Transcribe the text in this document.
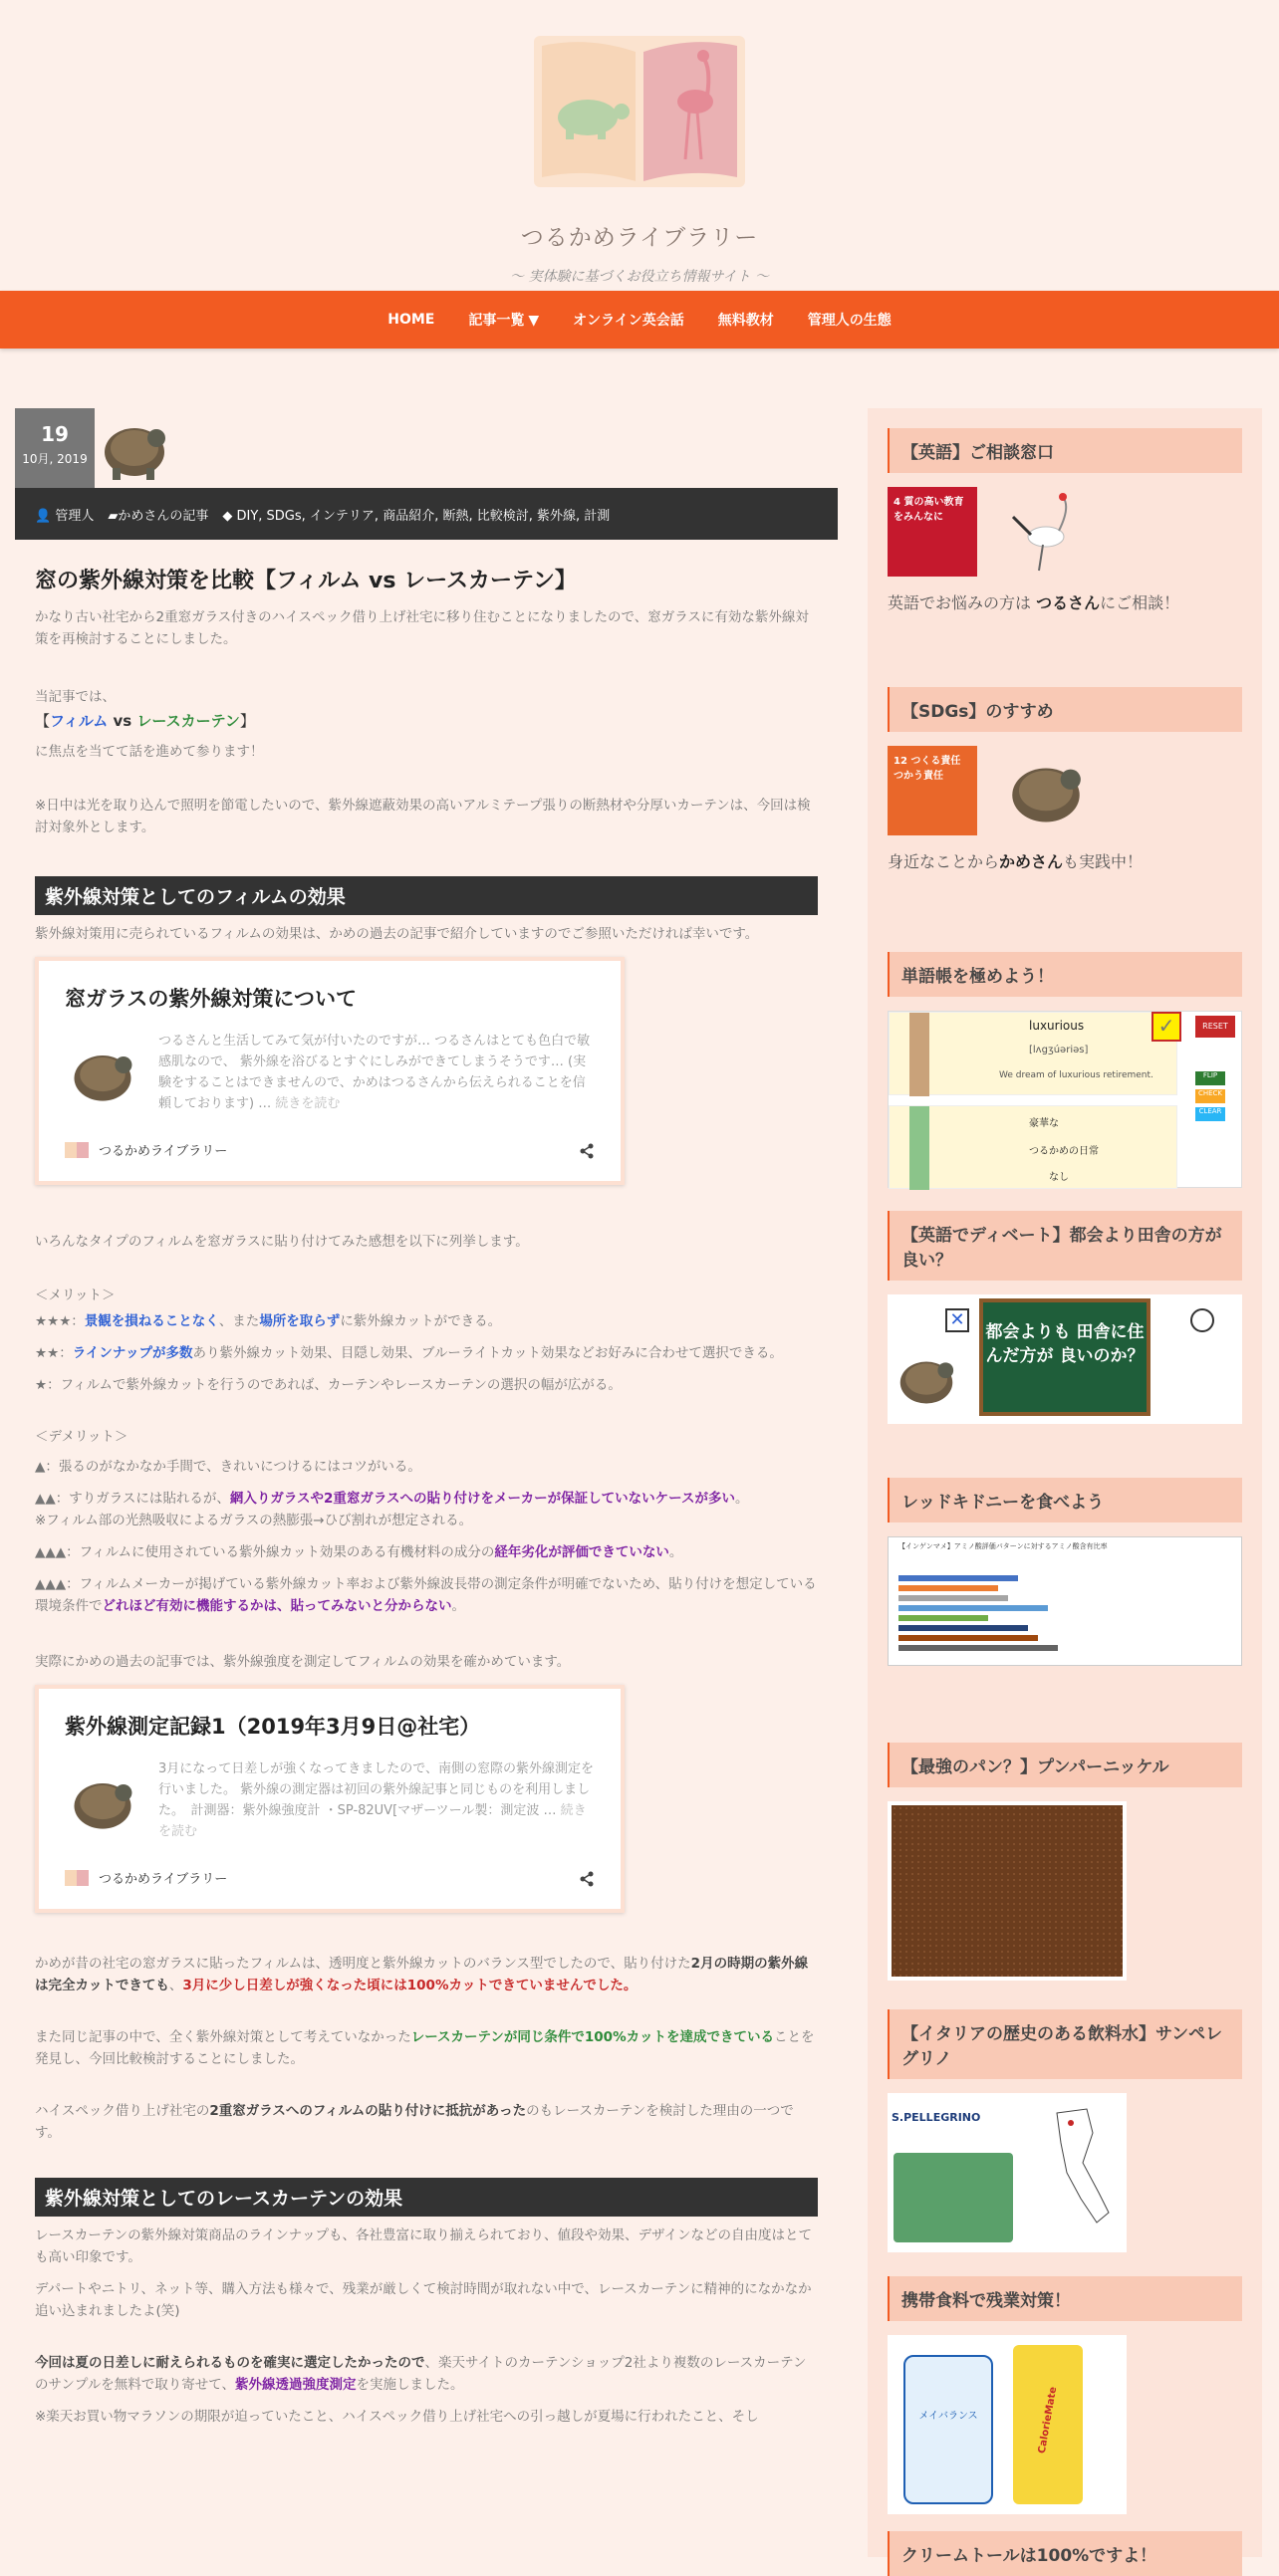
つるかめライブラリー
～ 実体験に基づくお役立ち情報サイト ～
HOME 記事一覧 ▼ オンライン英会話 無料教材 管理人の生態
19
10月, 2019
👤 管理人 ▰かめさんの記事 ◆ DIY, SDGs, インテリア, 商品紹介, 断熱, 比較検討, 紫外線, 計測
窓の紫外線対策を比較【フィルム vs レースカーテン】

かなり古い社宅から2重窓ガラス付きのハイスペック借り上げ社宅に移り住むことになりましたので、窓ガラスに有効な紫外線対策を再検討することにしました。

当記事では、

【フィルム vs レースカーテン】

に焦点を当てて話を進めて参ります！

※日中は光を取り込んで照明を節電したいので、紫外線遮蔽効果の高いアルミテープ張りの断熱材や分厚いカーテンは、今回は検討対象外とします。

紫外線対策としてのフィルムの効果

紫外線対策用に売られているフィルムの効果は、かめの過去の記事で紹介していますのでご参照いただければ幸いです。

窓ガラスの紫外線対策について
つるさんと生活してみて気が付いたのですが… つるさんはとても色白で敏感肌なので、 紫外線を浴びるとすぐにしみができてしまうそうです… (実験をすることはできませんので、かめはつるさんから伝えられることを信頼しております) … 続きを読む
つるかめライブラリー

いろんなタイプのフィルムを窓ガラスに貼り付けてみた感想を以下に列挙します。

＜メリット＞

★★★：景観を損ねることなく、また場所を取らずに紫外線カットができる。

★★：ラインナップが多数あり紫外線カット効果、目隠し効果、ブルーライトカット効果などお好みに合わせて選択できる。

★：フィルムで紫外線カットを行うのであれば、カーテンやレースカーテンの選択の幅が広がる。

＜デメリット＞

▲：張るのがなかなか手間で、きれいにつけるにはコツがいる。

▲▲：すりガラスには貼れるが、網入りガラスや2重窓ガラスへの貼り付けをメーカーが保証していないケースが多い。

※フィルム部の光熱吸収によるガラスの熱膨張→ひび割れが想定される。

▲▲▲：フィルムに使用されている紫外線カット効果のある有機材料の成分の経年劣化が評価できていない。

▲▲▲：フィルムメーカーが掲げている紫外線カット率および紫外線波長帯の測定条件が明確でないため、貼り付けを想定している環境条件でどれほど有効に機能するかは、貼ってみないと分からない。

実際にかめの過去の記事では、紫外線強度を測定してフィルムの効果を確かめています。

紫外線測定記録1（2019年3月9日@社宅）
3月になって日差しが強くなってきましたので、南側の窓際の紫外線測定を行いました。 紫外線の測定器は初回の紫外線記事と同じものを利用しました。　計測器：紫外線強度計 ・SP-82UV[マザーツール製：測定波 … 続きを読む
つるかめライブラリー

かめが昔の社宅の窓ガラスに貼ったフィルムは、透明度と紫外線カットのバランス型でしたので、貼り付けた2月の時期の紫外線は完全カットできても、3月に少し日差しが強くなった頃には100%カットできていませんでした。

また同じ記事の中で、全く紫外線対策として考えていなかったレースカーテンが同じ条件で100%カットを達成できていることを発見し、今回比較検討することにしました。

ハイスペック借り上げ社宅の2重窓ガラスへのフィルムの貼り付けに抵抗があったのもレースカーテンを検討した理由の一つです。

紫外線対策としてのレースカーテンの効果

レースカーテンの紫外線対策商品のラインナップも、各社豊富に取り揃えられており、値段や効果、デザインなどの自由度はとても高い印象です。

デパートやニトリ、ネット等、購入方法も様々で、残業が厳しくて検討時間が取れない中で、レースカーテンに精神的になかなか追い込まれましたよ(笑)

今回は夏の日差しに耐えられるものを確実に選定したかったので、楽天サイトのカーテンショップ2社より複数のレースカーテンのサンプルを無料で取り寄せて、紫外線透過強度測定を実施しました。

※楽天お買い物マラソンの期限が迫っていたこと、ハイスペック借り上げ社宅への引っ越しが夏場に行われたこと、そし

【英語】ご相談窓口
4 質の高い教育をみんなに
英語でお悩みの方は つるさんにご相談！
【SDGs】のすすめ
12 つくる責任 つかう責任
身近なことからかめさんも実践中！
単語帳を極めよう！
luxurious
[lʌgʒúəriəs]
We dream of luxurious retirement.
豪華な
つるかめの日常
なし
✓	RESET
FLIP
CHECK
CLEAR
【英語でディベート】都会より田舎の方が良い？
都会よりも 田舎に住んだ方が 良いのか？
✕
レッドキドニーを食べよう
【インゲンマメ】アミノ酸評価パターンに対するアミノ酸含有比率
【最強のパン？】プンパーニッケル
【イタリアの歴史のある飲料水】サンペレグリノ
S.PELLEGRINO
携帯食料で残業対策！
メイバランス	CalorieMate
クリームトールは100%ですよ！
